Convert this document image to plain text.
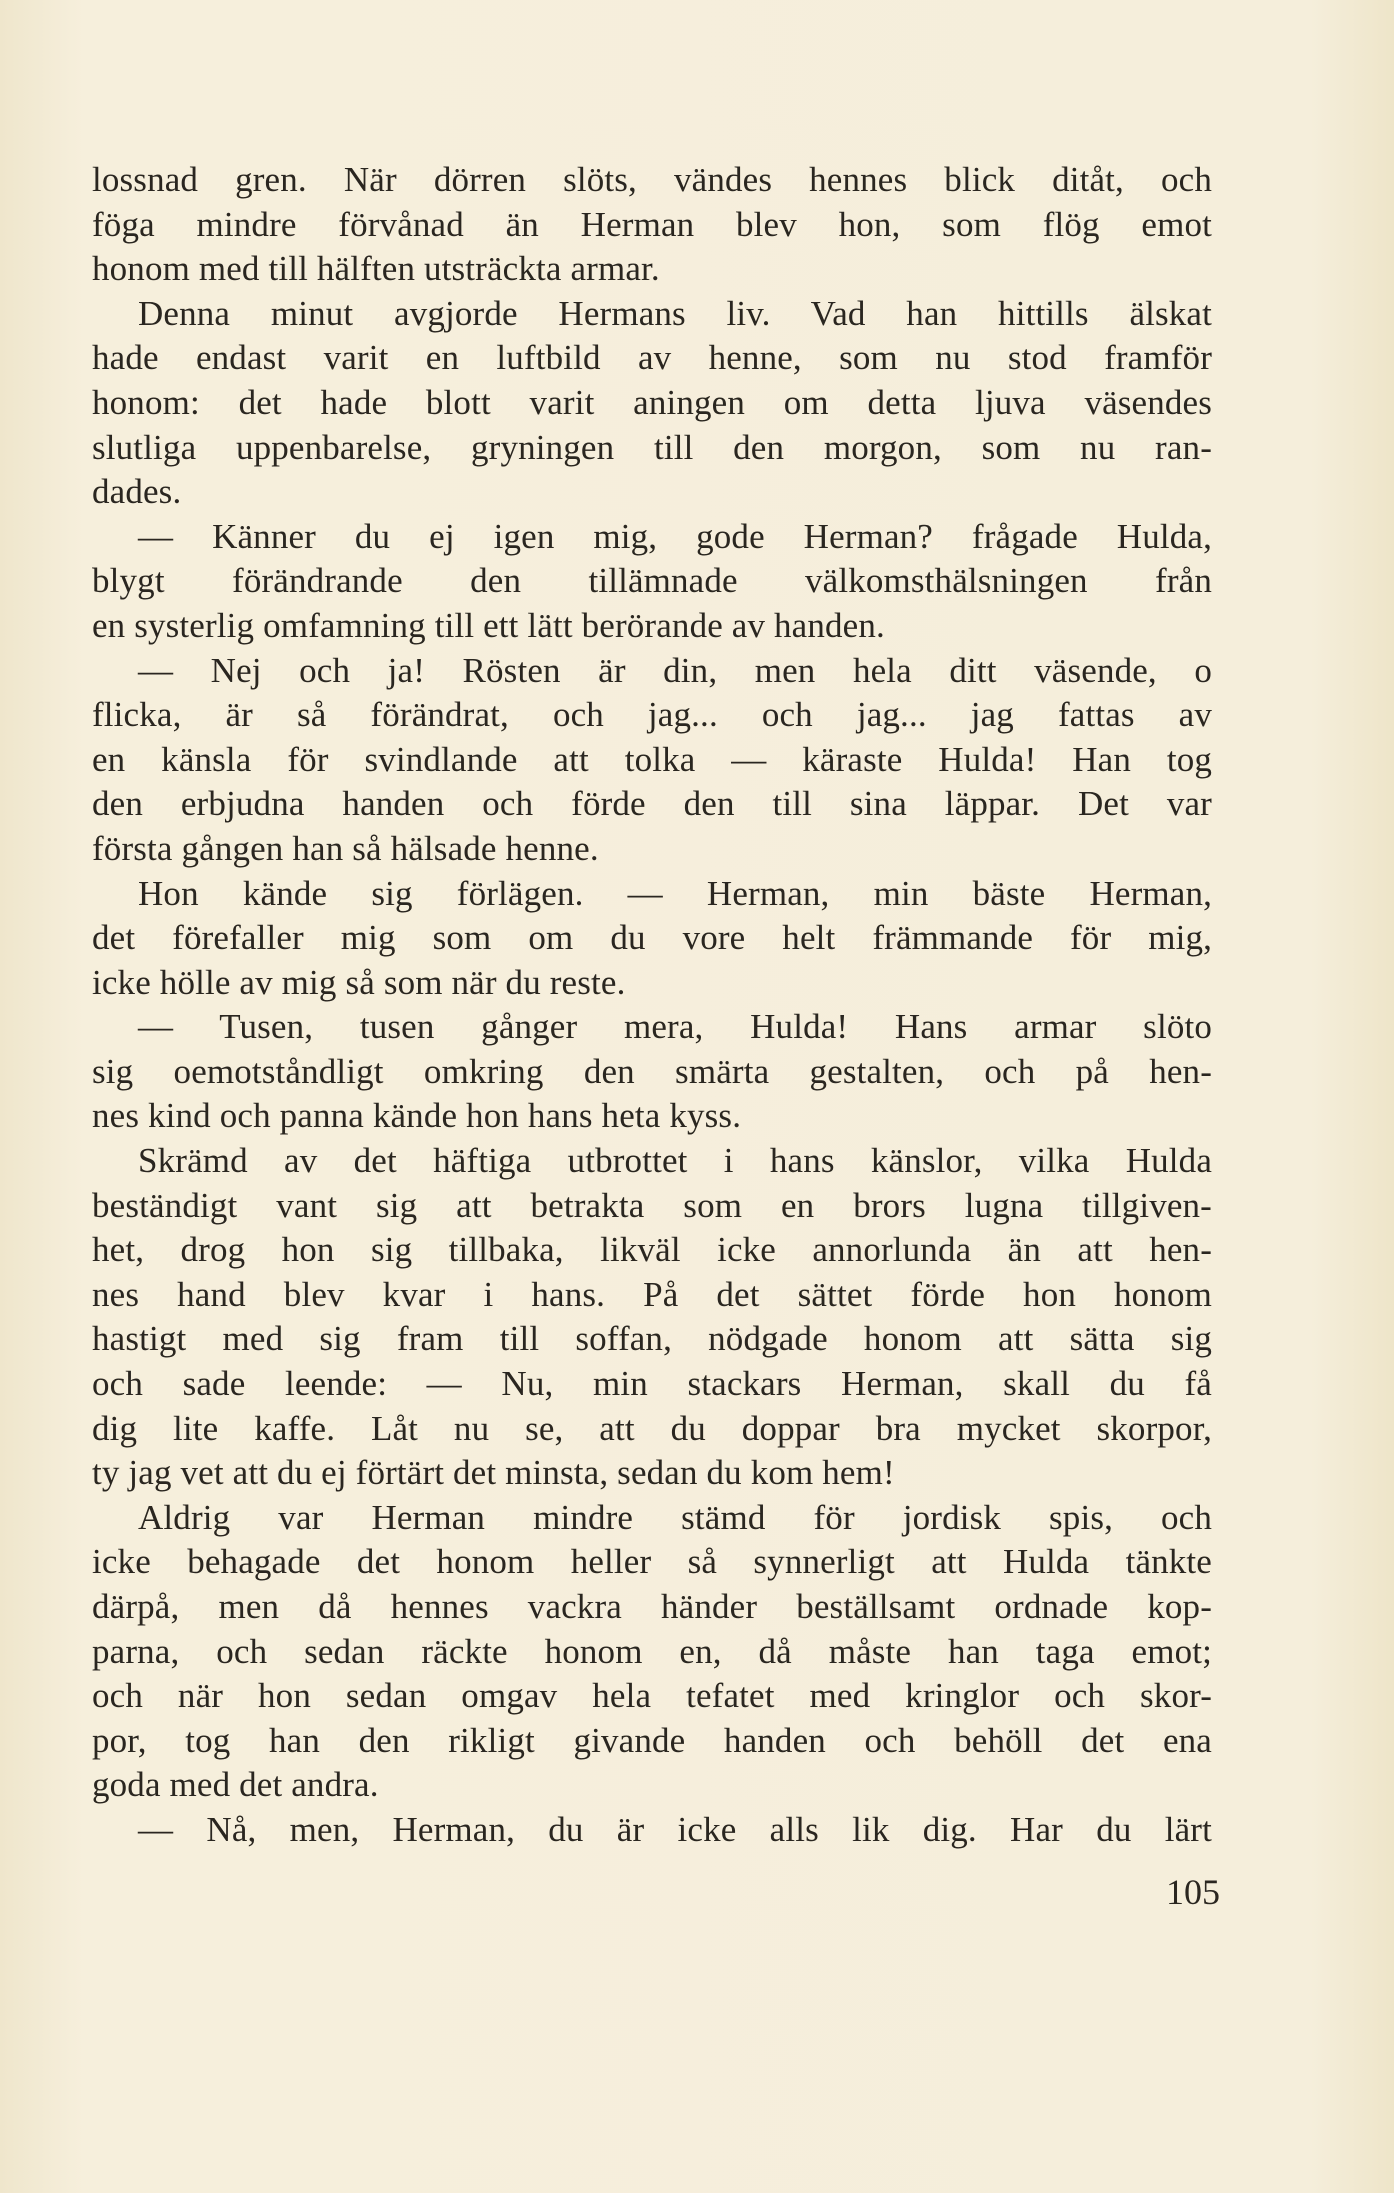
lossnad gren. När dörren slöts, vändes hennes blick ditåt, och
föga mindre förvånad än Herman blev hon, som flög emot
honom med till hälften utsträckta armar.
Denna minut avgjorde Hermans liv. Vad han hittills älskat
hade endast varit en luftbild av henne, som nu stod framför
honom: det hade blott varit aningen om detta ljuva väsendes
slutliga uppenbarelse, gryningen till den morgon, som nu ran-
dades.
— Känner du ej igen mig, gode Herman? frågade Hulda,
blygt förändrande den tillämnade välkomsthälsningen från
en systerlig omfamning till ett lätt berörande av handen.
— Nej och ja! Rösten är din, men hela ditt väsende, o
flicka, är så förändrat, och jag... och jag... jag fattas av
en känsla för svindlande att tolka — käraste Hulda! Han tog
den erbjudna handen och förde den till sina läppar. Det var
första gången han så hälsade henne.
Hon kände sig förlägen. — Herman, min bäste Herman,
det förefaller mig som om du vore helt främmande för mig,
icke hölle av mig så som när du reste.
— Tusen, tusen gånger mera, Hulda! Hans armar slöto
sig oemotståndligt omkring den smärta gestalten, och på hen-
nes kind och panna kände hon hans heta kyss.
Skrämd av det häftiga utbrottet i hans känslor, vilka Hulda
beständigt vant sig att betrakta som en brors lugna tillgiven-
het, drog hon sig tillbaka, likväl icke annorlunda än att hen-
nes hand blev kvar i hans. På det sättet förde hon honom
hastigt med sig fram till soffan, nödgade honom att sätta sig
och sade leende: — Nu, min stackars Herman, skall du få
dig lite kaffe. Låt nu se, att du doppar bra mycket skorpor,
ty jag vet att du ej förtärt det minsta, sedan du kom hem!
Aldrig var Herman mindre stämd för jordisk spis, och
icke behagade det honom heller så synnerligt att Hulda tänkte
därpå, men då hennes vackra händer beställsamt ordnade kop-
parna, och sedan räckte honom en, då måste han taga emot;
och när hon sedan omgav hela tefatet med kringlor och skor-
por, tog han den rikligt givande handen och behöll det ena
goda med det andra.
— Nå, men, Herman, du är icke alls lik dig. Har du lärt
105
